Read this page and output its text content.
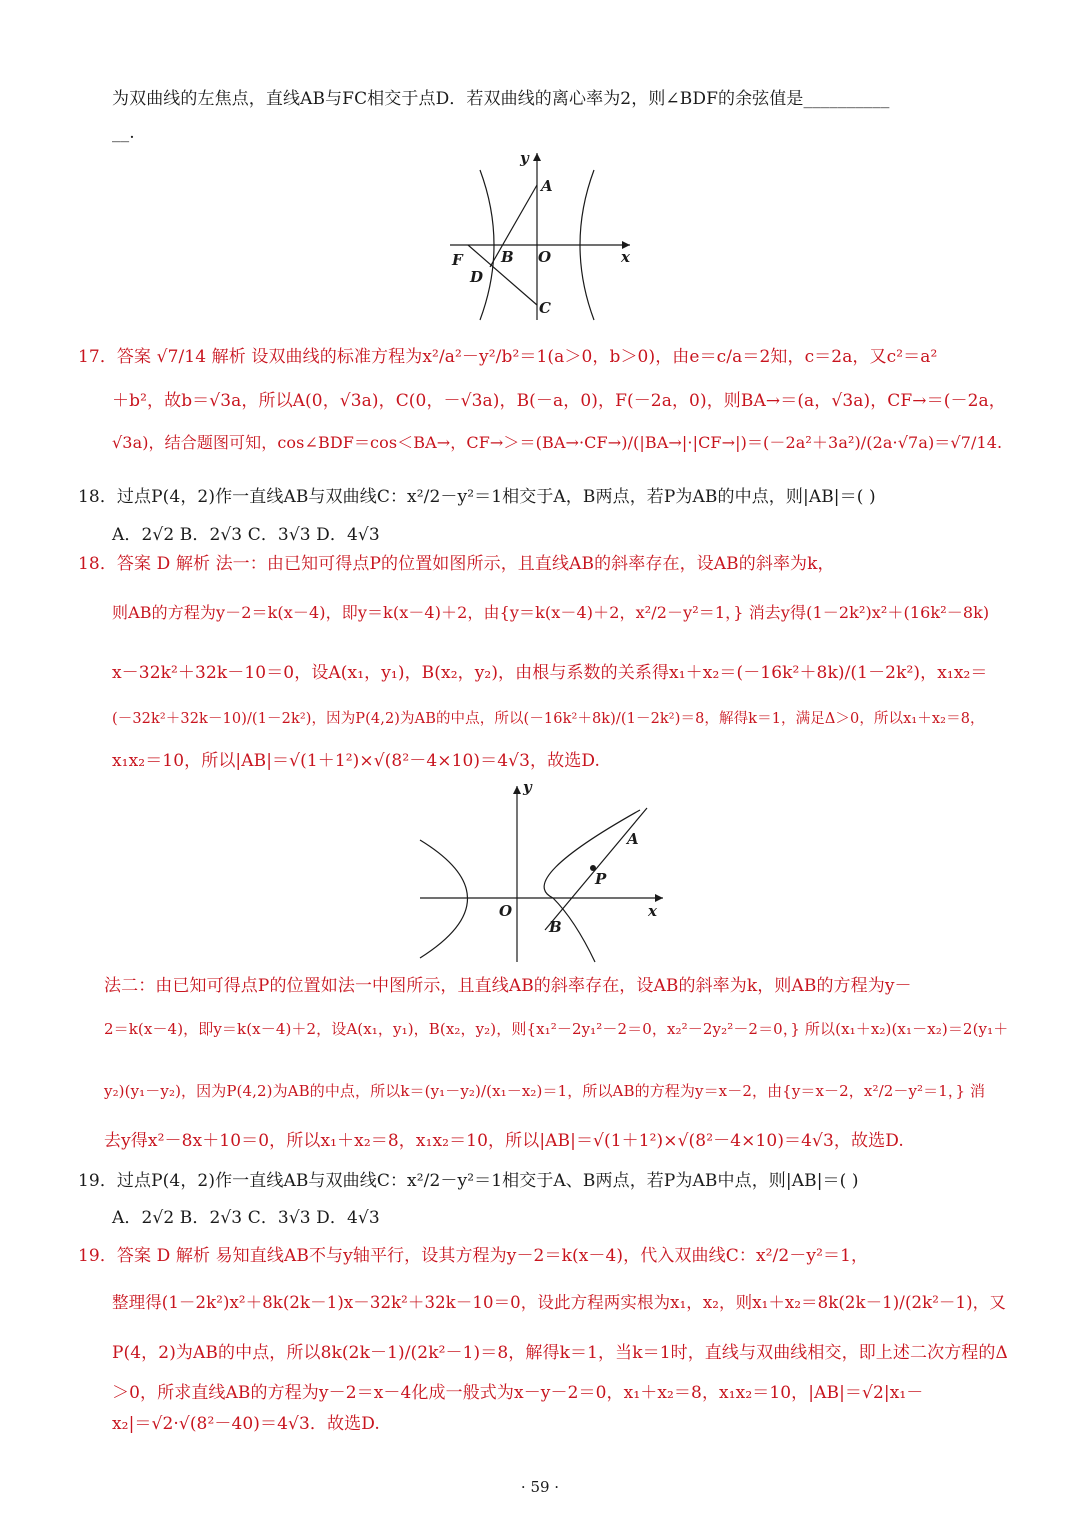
为双曲线的左焦点，直线AB与FC相交于点D．若双曲线的离心率为2，则∠BDF的余弦值是__________
__.
y
A
F	B O	x
D
C
17．答案 √7/14 解析 设双曲线的标准方程为x²/a²－y²/b²＝1(a＞0，b＞0)，由e＝c/a＝2知，c＝2a，又c²＝a²
＋b²，故b＝√3a，所以A(0，√3a)，C(0，－√3a)，B(－a，0)，F(－2a，0)，则BA→＝(a，√3a)，CF→＝(－2a，
√3a)，结合题图可知，cos∠BDF＝cos＜BA→，CF→＞＝(BA→·CF→)/(|BA→|·|CF→|)＝(－2a²＋3a²)/(2a·√7a)＝√7/14.
18．过点P(4，2)作一直线AB与双曲线C：x²/2－y²＝1相交于A，B两点，若P为AB的中点，则|AB|＝( )
A．2√2 B．2√3 C．3√3 D．4√3
18．答案 D 解析 法一：由已知可得点P的位置如图所示，且直线AB的斜率存在，设AB的斜率为k，
则AB的方程为y－2＝k(x－4)，即y＝k(x－4)＋2，由{y＝k(x－4)＋2，x²/2－y²＝1，} 消去y得(1－2k²)x²＋(16k²－8k)
x－32k²＋32k－10＝0，设A(x₁，y₁)，B(x₂，y₂)，由根与系数的关系得x₁＋x₂＝(－16k²＋8k)/(1－2k²)，x₁x₂＝
(－32k²＋32k－10)/(1－2k²)，因为P(4,2)为AB的中点，所以(－16k²＋8k)/(1－2k²)＝8，解得k＝1，满足Δ＞0，所以x₁＋x₂＝8，
x₁x₂＝10，所以|AB|＝√(1＋1²)×√(8²－4×10)＝4√3，故选D.
y
A
P
O	x
B
法二：由已知可得点P的位置如法一中图所示，且直线AB的斜率存在，设AB的斜率为k，则AB的方程为y－
2＝k(x－4)，即y＝k(x－4)＋2，设A(x₁，y₁)，B(x₂，y₂)，则{x₁²－2y₁²－2＝0，x₂²－2y₂²－2＝0，} 所以(x₁＋x₂)(x₁－x₂)＝2(y₁＋
y₂)(y₁－y₂)，因为P(4,2)为AB的中点，所以k＝(y₁－y₂)/(x₁－x₂)＝1，所以AB的方程为y＝x－2，由{y＝x－2，x²/2－y²＝1，} 消
去y得x²－8x＋10＝0，所以x₁＋x₂＝8，x₁x₂＝10，所以|AB|＝√(1＋1²)×√(8²－4×10)＝4√3，故选D.
19．过点P(4，2)作一直线AB与双曲线C：x²/2－y²＝1相交于A、B两点，若P为AB中点，则|AB|＝( )
A．2√2 B．2√3 C．3√3 D．4√3
19．答案 D 解析 易知直线AB不与y轴平行，设其方程为y－2＝k(x－4)，代入双曲线C：x²/2－y²＝1，
整理得(1－2k²)x²＋8k(2k－1)x－32k²＋32k－10＝0，设此方程两实根为x₁，x₂，则x₁＋x₂＝8k(2k－1)/(2k²－1)，又
P(4，2)为AB的中点，所以8k(2k－1)/(2k²－1)＝8，解得k＝1，当k＝1时，直线与双曲线相交，即上述二次方程的Δ
＞0，所求直线AB的方程为y－2＝x－4化成一般式为x－y－2＝0，x₁＋x₂＝8，x₁x₂＝10，|AB|＝√2|x₁－
x₂|＝√2·√(8²－40)＝4√3．故选D.
· 59 ·
